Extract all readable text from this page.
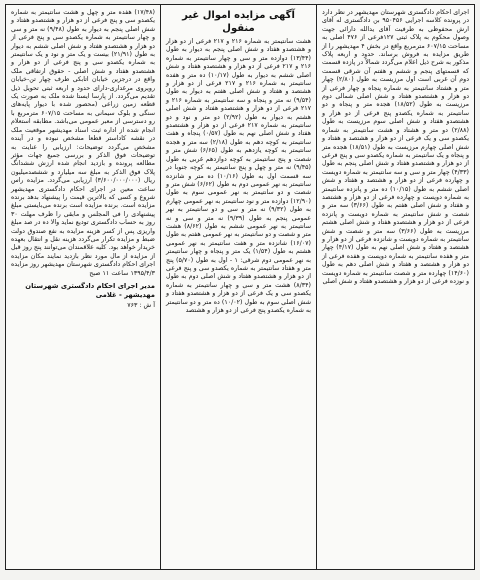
اجرای احکام دادگستری شهرستان مهدیشهر در نظر دارد در پرونده کلاسه اجرایی ۹۵۰۴۵۶ بن دادگستری له آقای ارش محفوظی به طرفیت آقای یدالله دارائی جهت وصول محکوم به پلاک ثبتی ۱۲۷فرعی از ۴۷۶ اصلی به مساحت ۶۰۷/۱۵ مترمربع واقع در بخش ۴ مهدیشهر را از طریق مزایده به فروش برساند. حدود و اربعه پلاک مذکور به شرح ذیل اعلام می‌گردد شمالاً در پازده قسمت که قسمتهای پنجم و ششم و هفتم آن شرقی قسمت دوم آن غربی است اول مرزیست به طول (۲/۸۰) چهار متر و هشتاد سانتیمتر به شماره پنجاه و چهار فرعی از دو هزار و هشتصدو هفتاد و شش اصلی شمالی دوم مرزیست به طول (۱۸/۵۲) هجده متر و پنجاه و دو سانتیمتر به شماره یکصدو پنج فرعی از دو هزار و هشتصدو هفتاد و شش اصلی سوم مرزیست به طول (۲/۸۸) دو متر و هشتاد و هشت سانتیمتر به شماره یکصدو سی و یک فرعی از دو هزار و هشتصد و هفتاد و شش اصلی چهارم مرزیست به طول (۱۸/۵۱) هجده متر و پنجاه و یک سانتیمتر به شماره یکصدو سی و پنج فرعی از دو هزار و هشتصدو هفتاد و شش اصلی پنجم به طول (۴/۳۳) چهار متر و سی و سه سانتیمتر به شماره دویست و چهارده فرعی از دو هزار و هشتصد و هفتاد و شش اصلی ششم به طول (۱۰/۱۵) ده متر و پانزده سانتیمتر به شماره دویست و چهارده فرعی از دو هزار و هشتصد و هفتاد و شش اصلی هفتم به طول (۳/۶۶) سه متر و شصت و شش سانتیمتر به شماره دویست و پانزده فرعی از دو هزار و هشتصدو هفتاد و شش اصلی هشتم مرزیست به طول (۳/۶۶) سه متر و شصت و شش سانتیمتر به شماره دویست و شانزده فرعی از دو هزار و هشتصد و هفتاد و شش اصلی نهم به طول (۴/۱۷) چهار متر و هفده سانتیمتر به شماره دویست و هفده فرعی از دو هزار و هشتصد و هفتاد و شش اصلی دهم به طول (۱۴/۶۰) چهارده متر و شصت سانتیمتر به شماره دویست و نوزده فرعی از دو هزار و هشتصدو هفتاد و شش اصلی

آگهی مزایده اموال غیر منقول

هشت سانتیمتر به شماره ۲۱۶ و ۲۱۷ فرعی از دو هزار و هشتصدو هفتاد و شش اصلی پنجم به دیوار به طول (۱۳/۴۴) دوازده متر و سی و چهار سانتیمتر به شماره ۲۱۶ و ۲۱۷ فرعی از دو هزار و هشتصدو هفتاد و شش اصلی ششم به دیوار به طول (۱۰/۱۷) ده متر و هفده سانتیمتر به شماره ۲۱۶ و ۲۱۷ فرعی از دو هزار و هشتصد و هفتاد و شش اصلی هفتم به دیوار به طول (۹/۵۴) نه متر و پنجاه و سه سانتیمتر به شماره ۲۱۶ و ۲۱۷ فرعی از دو هزار و هشتصدو هفتاد و شش اصلی هشتم به دیوار به طول (۲/۹۲) دو متر و نود و دو سانتیمتر به شماره ۲۱۷ فرعی از دو هزار و هشتصدو هفتاد و شش اصلی نهم به طول (۰/۵۷) پنجاه و هفت سانتیمتر به کوچه دهم به طول (۲/۱۸) سه متر و هجده سانتیمتر به کوچه یازدهم به طول (۶/۶۵) شش متر و شصت و پنج سانتیمتر به کوچه دوازدهم غربی به طول (۹/۴۵) نه متر و چهل و پنج سانتیمتر به کوچه جنوبا در سه قسمت اول به طول (۱۰/۱۶) ده متر و شانزده سانتیمتر به نهر عمومی دوم به طول (۶/۶۲) شش متر و شصت و دو سانتیمتر به نهر عمومی سوم به طول (۱۲/۹۰) دوازده متر و نود سانتیمتر به نهر عمومی چهارم به طول (۹/۳۲) نه متر و سی و دو سانتیمتر به نهر عمومی پنجم به طول (۹/۳۹) نه متر و سی و نه سانتیمتر به نهر عمومی ششم به طول (۸/۶۲) هشت متر و شصت و دو سانتیمتر به نهر عمومی هفتم به طول (۱۶/۰۷) شانزده متر و هفت سانتیمتر به نهر عمومی هشتم به طول (۱/۵۴) یک متر و پنجاه و چهار سانتیمتر به نهر عمومی دوم شرقی: ۱ - اول به طول (۵/۷۰) پنج متر و هفتاد سانتیمتر به شماره یکصدو سی و پنج فرعی از دو هزار و هشتصدو هفتاد و شش اصلی دوم به طول (۸/۳۴) هشت متر و سی و چهار سانتیمتر به شماره یکصدو سی و یک فرعی از دو هزار و هشتصدو هفتاد و شش اصلی سوم به طول (۱۰/۰۲) ده متر و دو سانتیمتر به شماره یکصدو پنج فرعی از دو هزار و هشتصد

(۱۷/۴۸) هفده متر و چهل و هشت سانتیمتر به شماره یکصدو سی و پنج فرعی از دو هزار و هشتصدو هفتاد و شش اصلی پنجم به دیوار به طول (۹/۴۸) نه متر و سی و چهار سانتیمتر به شماره یکصدو سی و پنج فرعی از دو هزار و هشتصدو هفتاد و شش اصلی ششم به دیوار به طول (۲۱/۹۱) بیست و یک متر و نود و یک سانتیمتر به شماره یکصدو سی و پنج فرعی از دو هزار و هشتصدو هفتاد و شش اصلی - حقوق ارتفاقی ملک واقع در درجزین خیابان اتابکی طرف چهار تن-خیابان رویروی مرغداری-دارای حدود و اربعه ثبتی تحویل ذیل تقدیم می‌گردد. از پارسا ایستا شده ملک به صورت یک قطعه زمین زراعی (محصور شده با دیوار پایه‌های سنگی و بلوک سیمانی به مساحت ۶۰۷/۱۵ مترمربع با رو دسترسی از معبر عمومی می‌باشد. مطابقه استعلام انجام شده از اداره ثبت اسناد مهدیشهر موقعیت ملک در نقشه کاداستر قطعا مشخص نبوده و در آینده مشخص می‌گردد توضیحات: ارزیابی را عنایت به توضیحات فوق الذکر و بررسی جمیع جهات مؤثر مطالعه پرونده و بازدید انجام شده ارزش ششدانگ پلاک فوق الذکر به مبلغ سه میلیارد و ششصدمیلیون ریال (۳/۶۰۰/۰۰۰/۰۰۰) ارزیابی می‌گردد. مزایده راس ساعت معین در اجرای احکام دادگستری مهدیشهر شروع و کسی که بالاترین قیمت را پیشنهاد بدهد برنده مزایده است. برنده مزایده است برنده می‌بایستی مبلغ پیشنهادی را فی المجلس و مابقی را ظرف مهلت ۳۰ روز به حساب دادگستری تودیع نماید والا ده در صد مبلغ واریزی پس از کسر هزینه مزایده به نفع صندوق دولت ضبط و مزایده تکرار می‌گردد هزینه نقل و انتقال بعهده خریدار خواهد بود. کلیه علاقمندان می‌توانند پنج روز قبل از مزایده از مال مورد نظر بازدید نمایند مکان مزایده اجرای احکام دادگستری شهرستان مهدیشهر روز مزایده ۱۳۹۵/۴/۳ ساعت ۱۱ صبح

مدیر اجرای احکام دادگستری شهرستان مهدیشهر - غلامی
آ ش : ۷۶۳
